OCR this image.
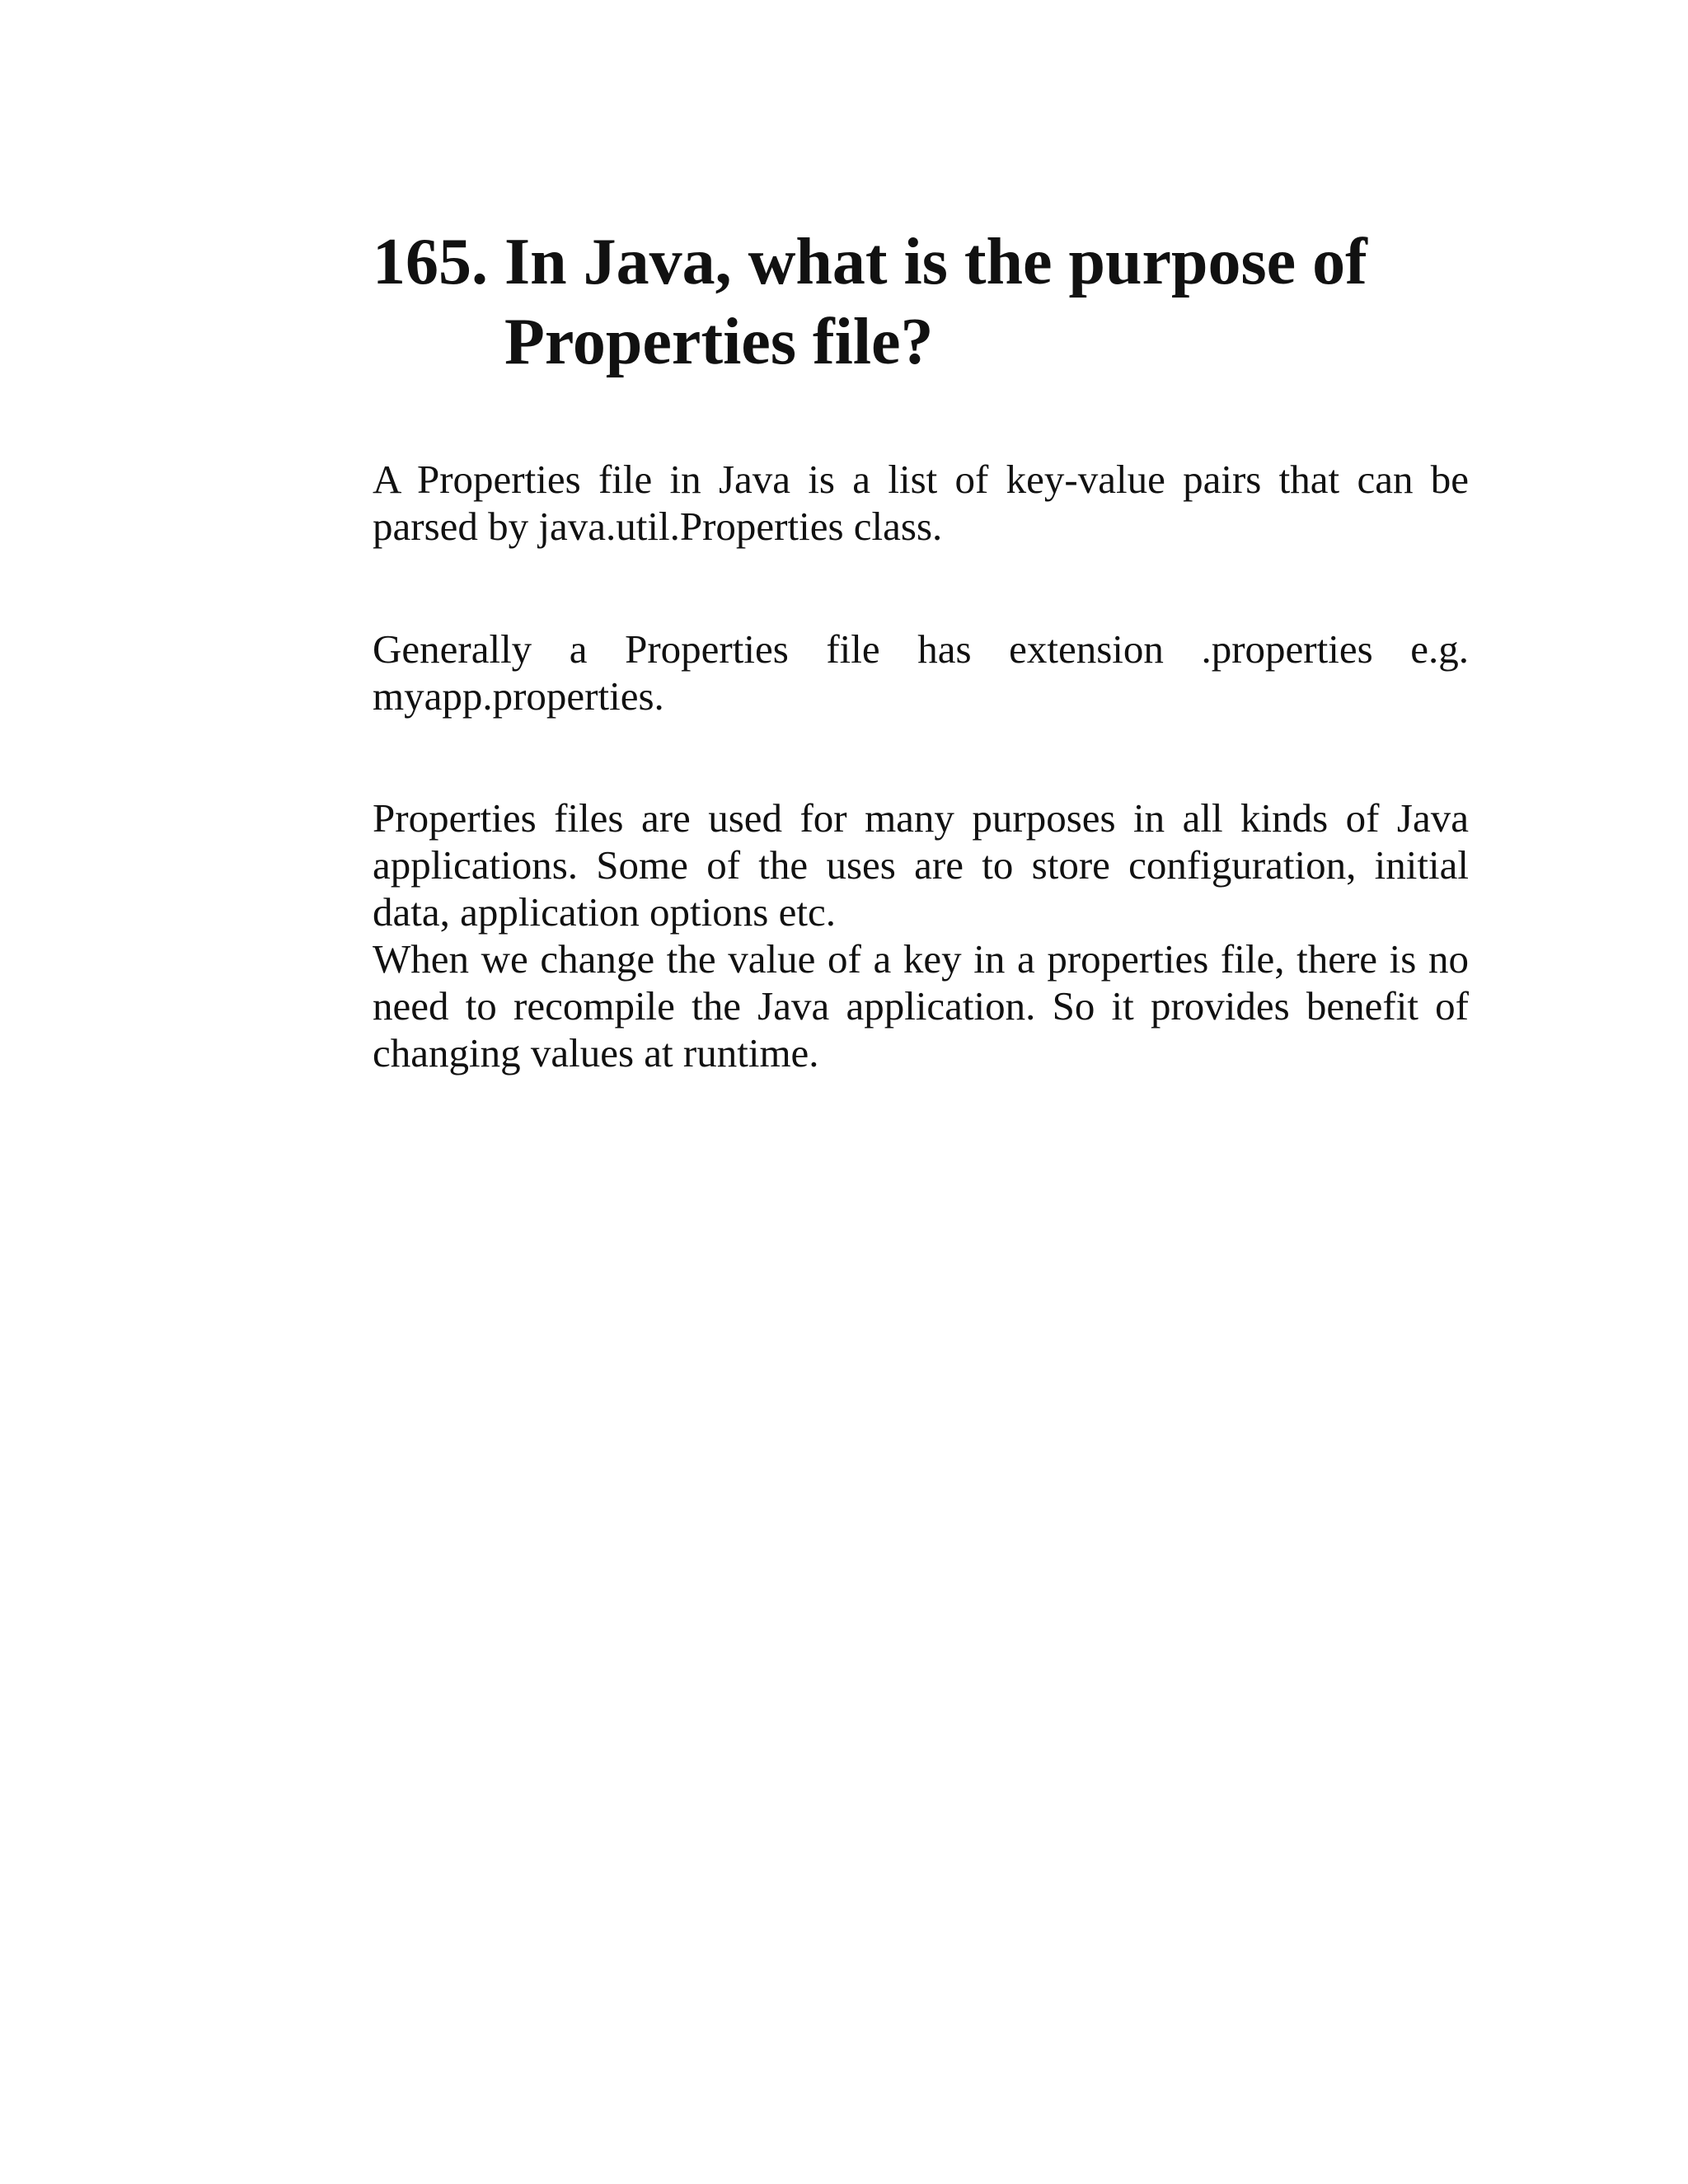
165. In Java, what is the purpose of Properties file?

A Properties file in Java is a list of key-value pairs that can be parsed by java.util.Properties class.

Generally a Properties file has extension .properties e.g. myapp.properties.

Properties files are used for many purposes in all kinds of Java applications. Some of the uses are to store configuration, initial data, application options etc.

When we change the value of a key in a properties file, there is no need to recompile the Java application. So it provides benefit of changing values at runtime.
